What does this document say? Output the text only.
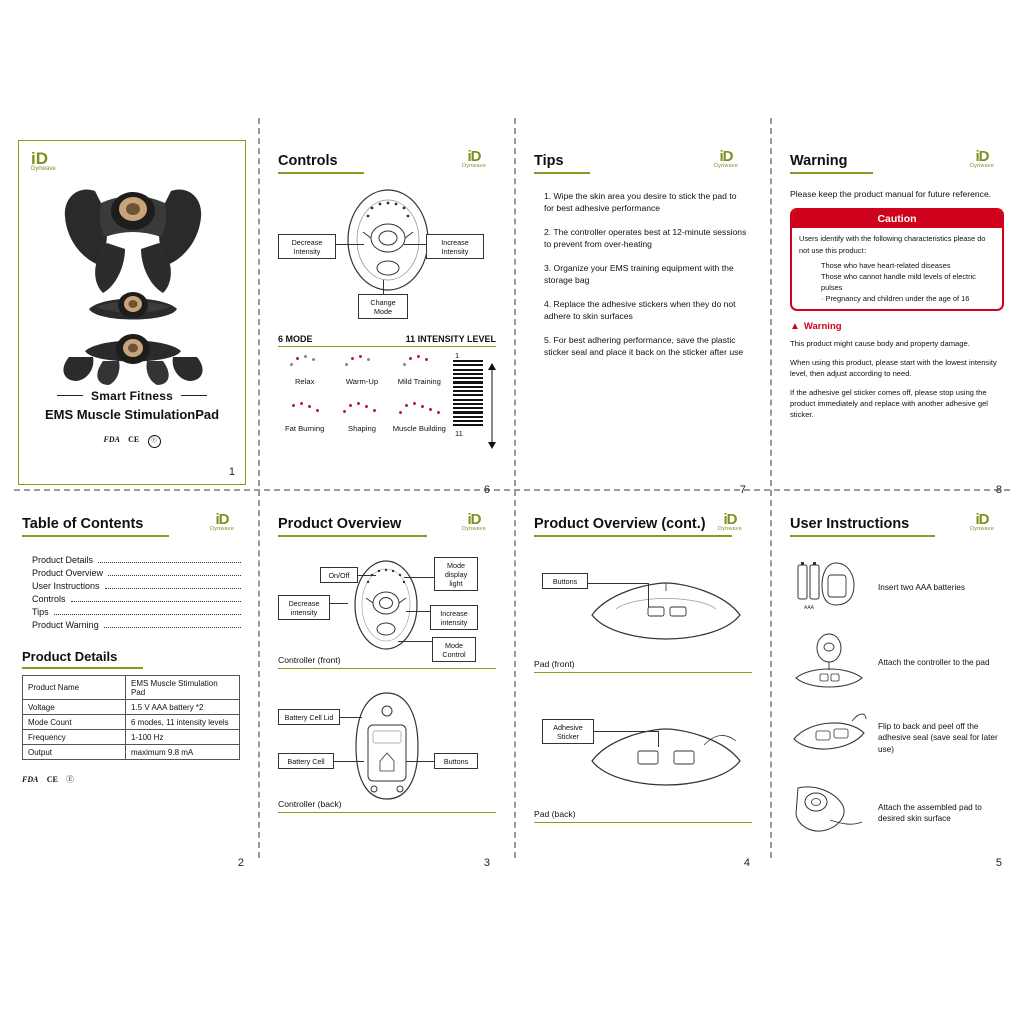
iD
Dynwave
Smart Fitness
EMS Muscle StimulationPad
FDA CE Ⓔ
1
Controls	iD
Dynwave
Decrease Intensity
Increase Intensity
Change Mode
6 MODE	11 INTENSITY LEVEL
Relax	Warm-Up	Mild Training
Fat Burning	Shaping	Muscle Building
1
11
6
Tips	iD
Dynwave

1. Wipe the skin area you desire to stick the pad to for best adhesive performance

2. The controller operates best at 12-minute sessions to prevent from over-heating

3. Organize your EMS training equipment with the storage bag

4. Replace the adhesive stickers when they do not adhere to skin surfaces

5. For best adhering performance, save the plastic sticker seal and place it back on the sticker after use

7
Warning	iD
Dynwave
Please keep the product manual for future reference.
Caution
Users identify with the following characteristics please do not use this product：
Those who have heart-related diseases
Those who cannot handle mild levels of electric pulses
· Pregnancy and children under the age of 16
▲ Warning
This product might cause body and property damage.
When using this product, please start with the lowest intensity level, then adjust according to need.
If the adhesive gel sticker comes off, please stop using the product immediately and replace with another adhesive gel sticker.
8
Table of Contents	iD
Dynwave
Product Details
Product Overview
User Instructions
Controls
Tips
Product Warning
Product Details
Product Name	EMS Muscle Stimulation Pad
Voltage	1.5 V AAA battery *2
Mode Count	6 modes, 11 intensity levels
Frequency	1-100 Hz
Output	maximum 9.8 mA
FDA CE Ⓔ
2
Product Overview	iD
Dynwave
On/Off
Mode display light
Decrease intensity	Increase intensity
Mode Control
Controller (front)
Battery Cell Lid
Battery Cell	Buttons
Controller (back)
3
Product Overview (cont.)	iD
Dynwave
Buttons
Pad (front)
Adhesive Sticker
Pad (back)
4
User Instructions	iD
Dynwave
AAA
Insert two AAA batteries
Attach the controller to the pad
Flip to back and peel off the adhesive seal (save seal for later use)
Attach the assembled pad to desired skin surface
5
